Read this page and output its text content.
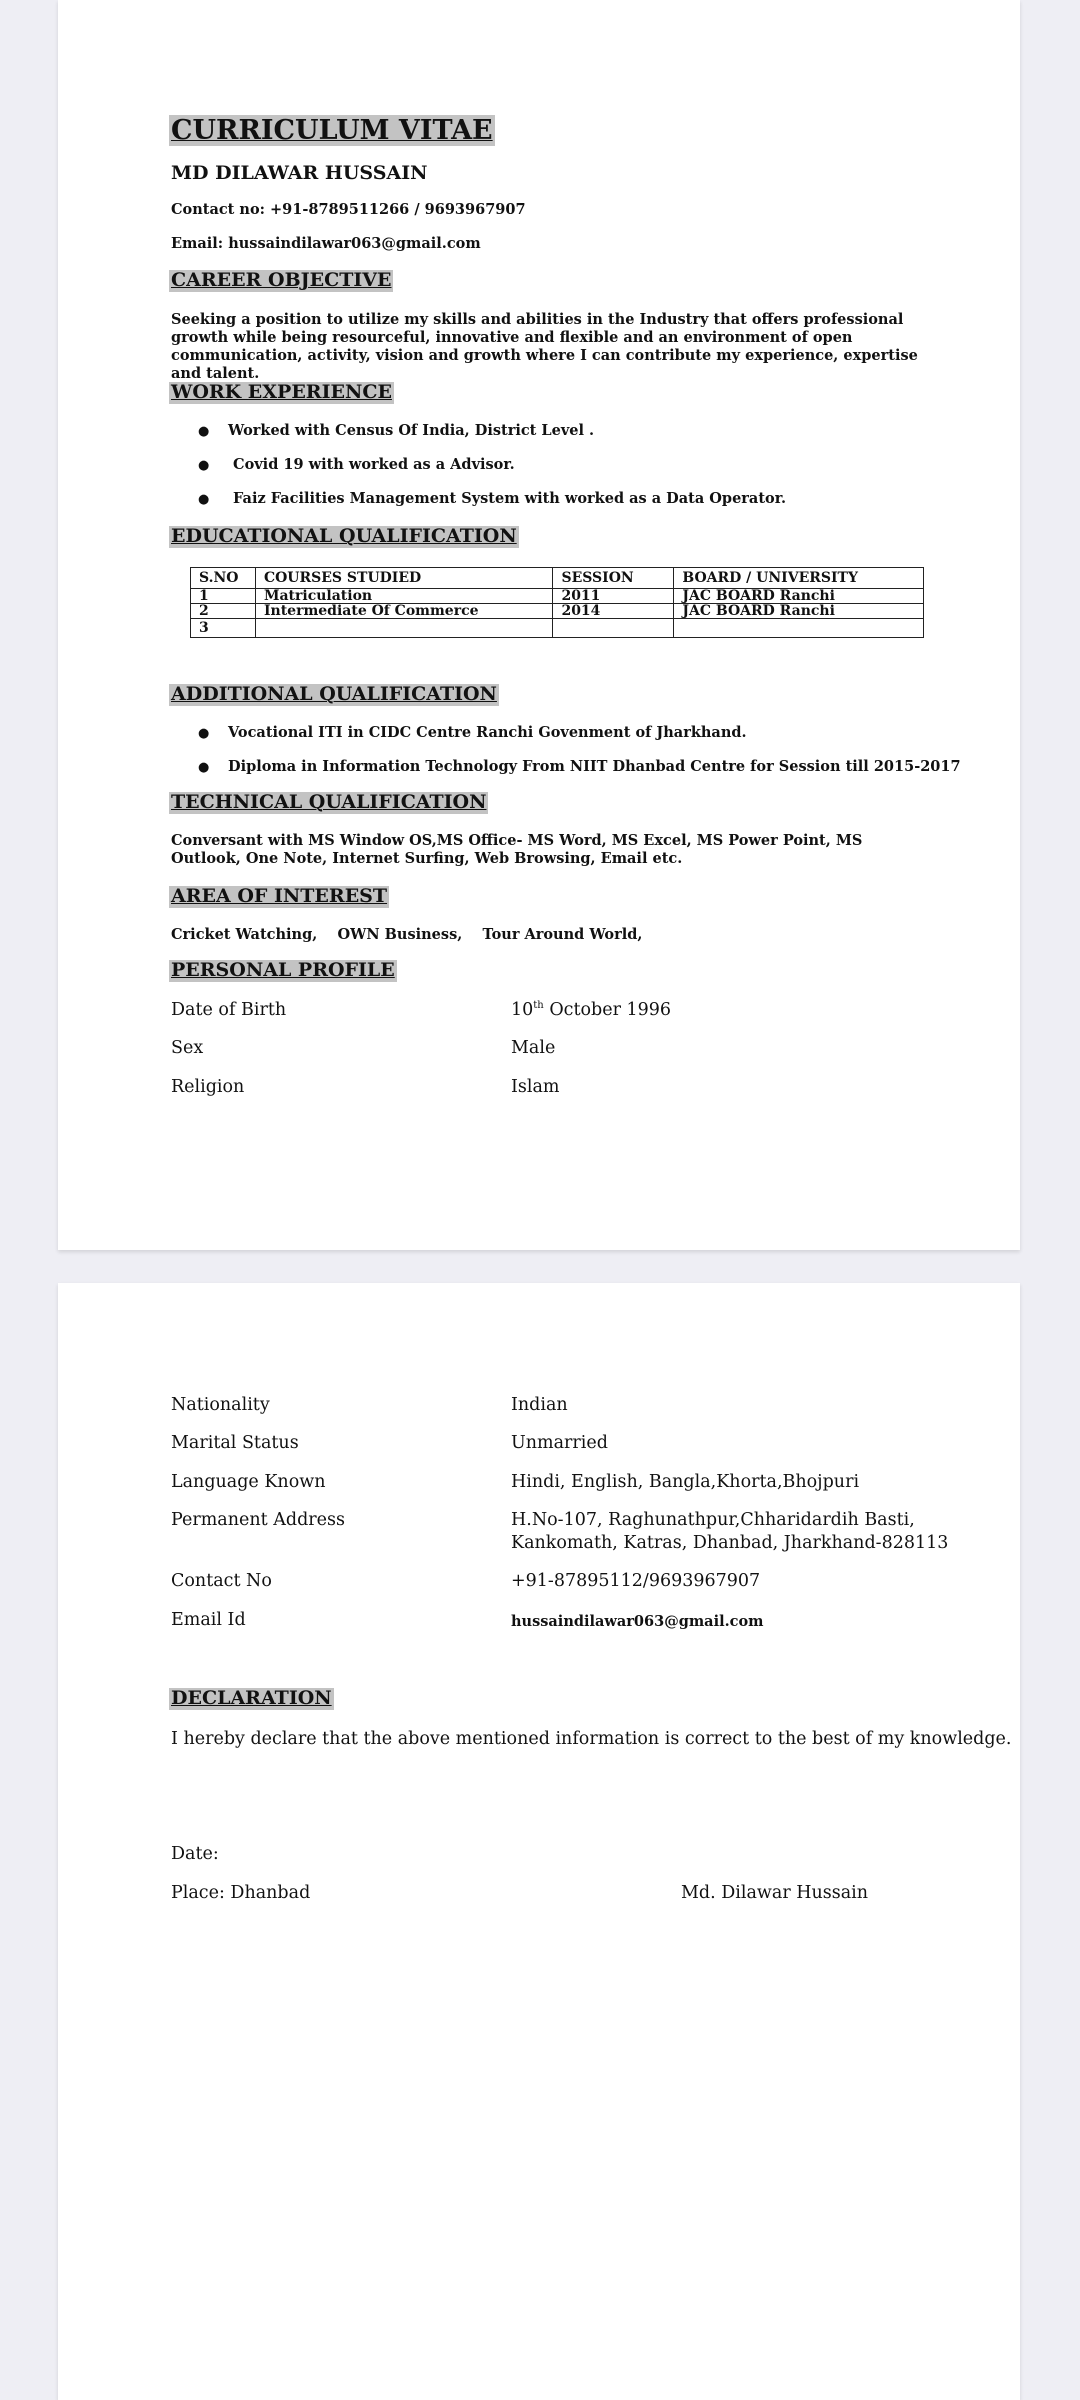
CURRICULUM VITAE
MD DILAWAR HUSSAIN
Contact no: +91-8789511266 / 9693967907
Email: hussaindilawar063@gmail.com
CAREER OBJECTIVE
Seeking a position to utilize my skills and abilities in the Industry that offers professional growth while being resourceful, innovative and flexible and an environment of open communication, activity, vision and growth where I can contribute my experience, expertise and talent.
WORK EXPERIENCE
● Worked with Census Of India, District Level .
● Covid 19 with worked as a Advisor.
● Faiz Facilities Management System with worked as a Data Operator.
EDUCATIONAL QUALIFICATION
S.NO	COURSES STUDIED	SESSION	BOARD / UNIVERSITY
1	Matriculation	2011	JAC BOARD Ranchi
2	Intermediate Of Commerce	2014	JAC BOARD Ranchi
3			
ADDITIONAL QUALIFICATION
● Vocational ITI in CIDC Centre Ranchi Govenment of Jharkhand.
● Diploma in Information Technology From NIIT Dhanbad Centre for Session till 2015-2017
TECHNICAL QUALIFICATION
Conversant with MS Window OS,MS Office- MS Word, MS Excel, MS Power Point, MS Outlook, One Note, Internet Surfing, Web Browsing, Email etc.
AREA OF INTEREST
Cricket Watching,    OWN Business,    Tour Around World,
PERSONAL PROFILE
Date of Birth	10th October 1996
Sex	Male
Religion	Islam
Nationality	Indian
Marital Status	Unmarried
Language Known	Hindi, English, Bangla,Khorta,Bhojpuri
Permanent Address	H.No-107, Raghunathpur,Chharidardih Basti,
Kankomath, Katras, Dhanbad, Jharkhand-828113
Contact No	+91-87895112/9693967907
Email Id	hussaindilawar063@gmail.com
DECLARATION
I hereby declare that the above mentioned information is correct to the best of my knowledge.
Date:
Place: Dhanbad	Md. Dilawar Hussain
